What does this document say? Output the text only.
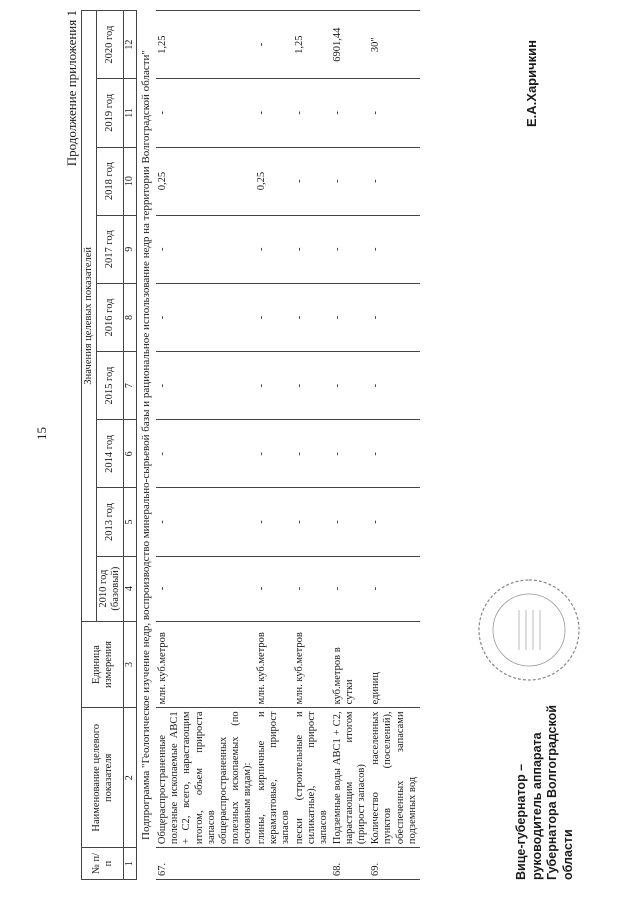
15
Продолжение приложения 1
№ п/п	Наименование целевого показателя	Единица измерения	Значения целевых показателей								
			2010 год (базовый)	2013 год	2014 год	2015 год	2016 год	2017 год	2018 год	2019 год	2020 год
1	2	3	4	5	6	7	8	9	10	11	12
Подпрограмма "Геологическое изучение недр, воспроизводство минерально-сырьевой базы и рациональное использование недр на территории Волгоградской области"											
67.	Общераспространенные полезные ископаемые АВС1 + С2, всего, нарастающим итогом, объем прироста запасов общераспространенных полезных ископаемых (по основным видам):	млн. куб.метров	-	-	-	-	-	-	0,25	-	1,25
	глины, кирпичные и керамзитовые, прирост запасов	млн. куб.метров	-	-	-	-	-	-	0,25	-	-
	пески (строительные и силикатные), прирост запасов	млн. куб.метров	-	-	-	-	-	-	-	-	1,25
68.	Подземные воды АВС1 + С2, нарастающим итогом (прирост запасов)	куб.метров в сутки	-	-	-	-	-	-	-	-	6901,44
69.	Количество населенных пунктов (поселений), обеспеченных запасами подземных вод	единиц	-	-	-	-	-	-	-	-	30"
Вице-губернатор – руководитель аппарата Губернатора Волгоградской области
Е.А.Харичкин
